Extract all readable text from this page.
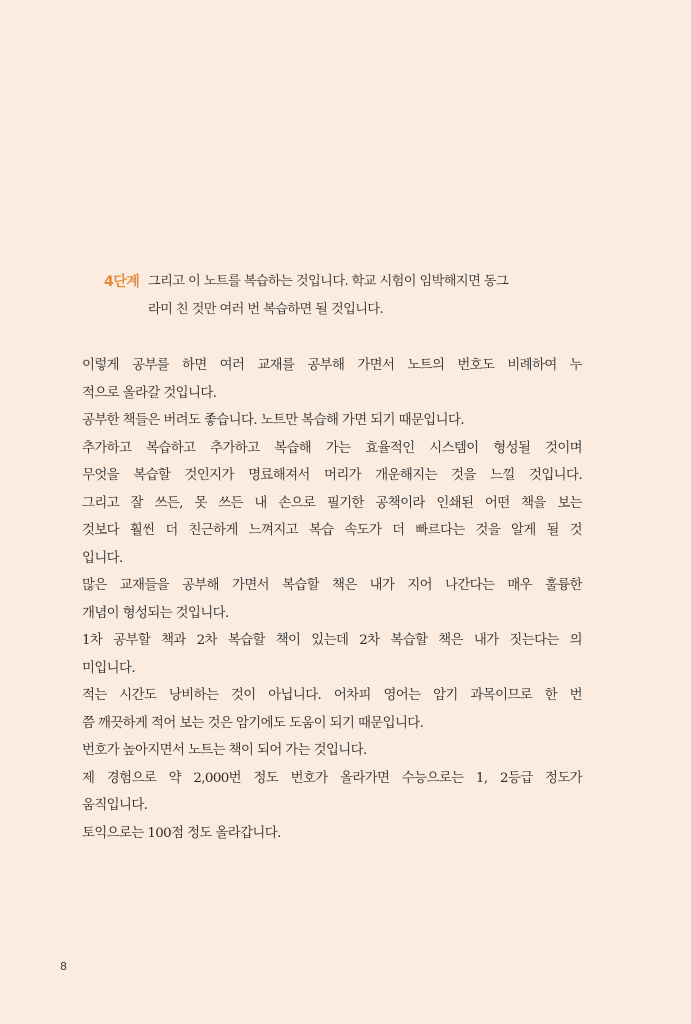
4단계 그리고 이 노트를 복습하는 것입니다. 학교 시험이 임박해지면 동그
라미 친 것만 여러 번 복습하면 될 것입니다.
이렇게 공부를 하면 여러 교재를 공부해 가면서 노트의 번호도 비례하여 누
적으로 올라갈 것입니다.
공부한 책들은 버려도 좋습니다. 노트만 복습해 가면 되기 때문입니다.
추가하고 복습하고 추가하고 복습해 가는 효율적인 시스템이 형성될 것이며
무엇을 복습할 것인지가 명료해져서 머리가 개운해지는 것을 느낄 것입니다.
그리고 잘 쓰든, 못 쓰든 내 손으로 필기한 공책이라 인쇄된 어떤 책을 보는
것보다 훨씬 더 친근하게 느껴지고 복습 속도가 더 빠르다는 것을 알게 될 것
입니다.
많은 교재들을 공부해 가면서 복습할 책은 내가 지어 나간다는 매우 훌륭한
개념이 형성되는 것입니다.
1차 공부할 책과 2차 복습할 책이 있는데 2차 복습할 책은 내가 짓는다는 의
미입니다.
적는 시간도 낭비하는 것이 아닙니다. 어차피 영어는 암기 과목이므로 한 번
쯤 깨끗하게 적어 보는 것은 암기에도 도움이 되기 때문입니다.
번호가 높아지면서 노트는 책이 되어 가는 것입니다.
제 경험으로 약 2,000번 정도 번호가 올라가면 수능으로는 1, 2등급 정도가
움직입니다.
토익으로는 100점 정도 올라갑니다.
8
